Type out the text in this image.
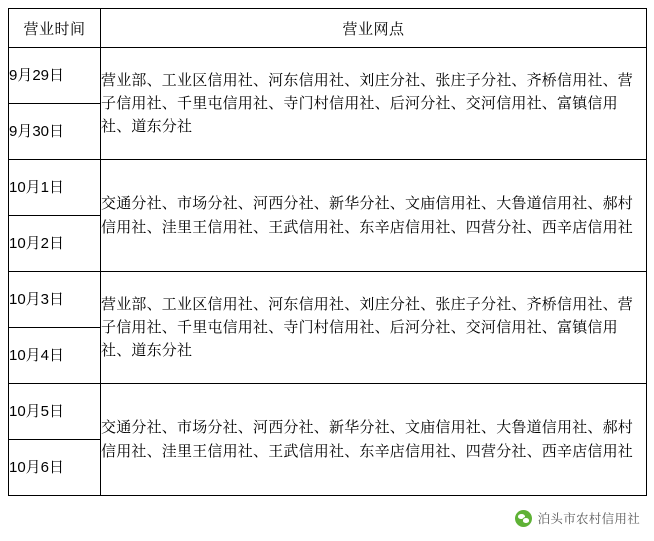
营业时间	营业网点
9月29日	营业部、工业区信用社、河东信用社、刘庄分社、张庄子分社、齐桥信用社、营子信用社、千里屯信用社、寺门村信用社、后河分社、交河信用社、富镇信用社、道东分社
9月30日	
10月1日	交通分社、市场分社、河西分社、新华分社、文庙信用社、大鲁道信用社、郝村信用社、洼里王信用社、王武信用社、东辛店信用社、四营分社、西辛店信用社
10月2日	
10月3日	营业部、工业区信用社、河东信用社、刘庄分社、张庄子分社、齐桥信用社、营子信用社、千里屯信用社、寺门村信用社、后河分社、交河信用社、富镇信用社、道东分社
10月4日	
10月5日	交通分社、市场分社、河西分社、新华分社、文庙信用社、大鲁道信用社、郝村信用社、洼里王信用社、王武信用社、东辛店信用社、四营分社、西辛店信用社
10月6日	
泊头市农村信用社
